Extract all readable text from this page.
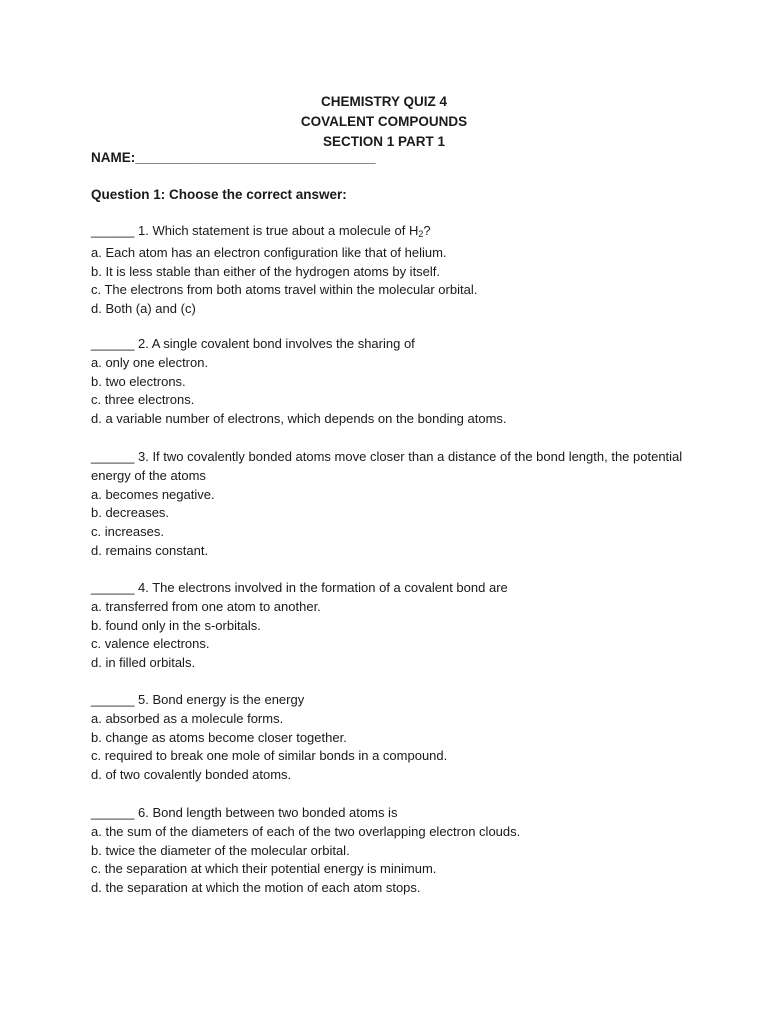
CHEMISTRY QUIZ 4
COVALENT COMPOUNDS
SECTION 1 PART 1
NAME:________________________________
Question 1: Choose the correct answer:
______ 1. Which statement is true about a molecule of $H_2$?
a. Each atom has an electron configuration like that of helium.
b. It is less stable than either of the hydrogen atoms by itself.
c. The electrons from both atoms travel within the molecular orbital.
d. Both (a) and (c)
______ 2. A single covalent bond involves the sharing of
a. only one electron.
b. two electrons.
c. three electrons.
d. a variable number of electrons, which depends on the bonding atoms.
______ 3. If two covalently bonded atoms move closer than a distance of the bond length, the potential energy of the atoms
a. becomes negative.
b. decreases.
c. increases.
d. remains constant.
______ 4. The electrons involved in the formation of a covalent bond are
a. transferred from one atom to another.
b. found only in the s-orbitals.
c. valence electrons.
d. in filled orbitals.
______ 5. Bond energy is the energy
a. absorbed as a molecule forms.
b. change as atoms become closer together.
c. required to break one mole of similar bonds in a compound.
d. of two covalently bonded atoms.
______ 6. Bond length between two bonded atoms is
a. the sum of the diameters of each of the two overlapping electron clouds.
b. twice the diameter of the molecular orbital.
c. the separation at which their potential energy is minimum.
d. the separation at which the motion of each atom stops.
